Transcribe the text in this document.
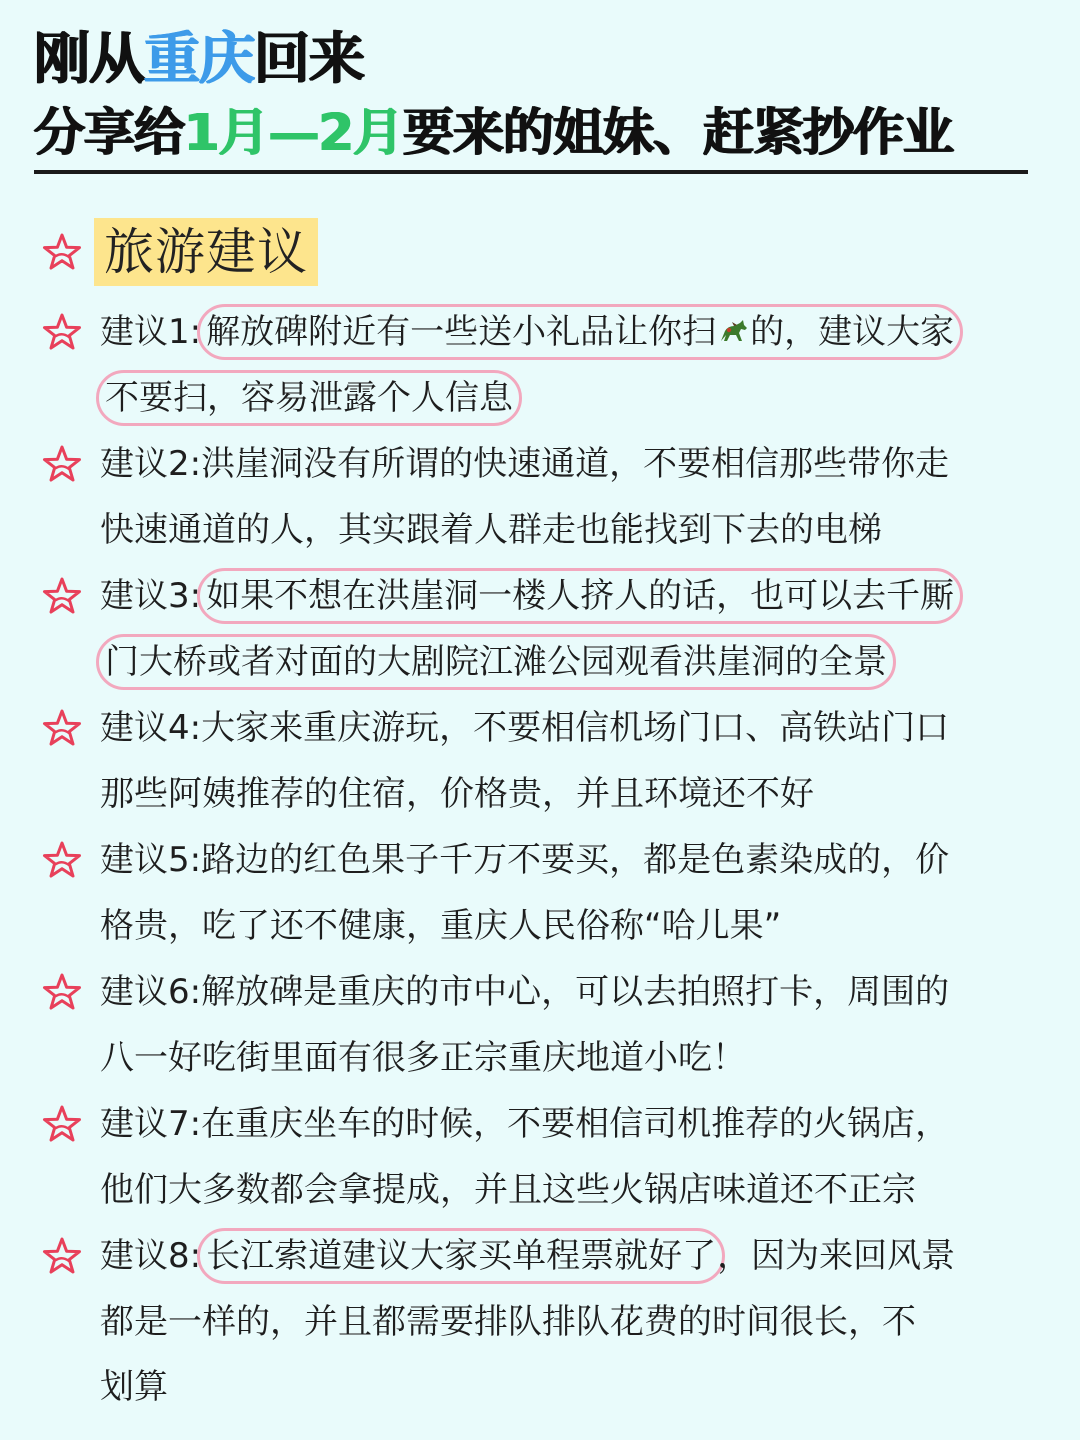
刚从重庆回来
分享给1月—2月要来的姐妹、赶紧抄作业
旅游建议
建议1: 解放碑附近有一些送小礼品让你扫 的，建议大家
不要扫，容易泄露个人信息
建议2:洪崖洞没有所谓的快速通道，不要相信那些带你走
快速通道的人，其实跟着人群走也能找到下去的电梯
建议3: 如果不想在洪崖洞一楼人挤人的话，也可以去千厮
门大桥或者对面的大剧院江滩公园观看洪崖洞的全景
建议4:大家来重庆游玩，不要相信机场门口、高铁站门口
那些阿姨推荐的住宿，价格贵，并且环境还不好
建议5:路边的红色果子千万不要买，都是色素染成的，价
格贵，吃了还不健康，重庆人民俗称“哈儿果”
建议6:解放碑是重庆的市中心，可以去拍照打卡，周围的
八一好吃街里面有很多正宗重庆地道小吃！
建议7:在重庆坐车的时候，不要相信司机推荐的火锅店，
他们大多数都会拿提成，并且这些火锅店味道还不正宗
建议8: 长江索道建议大家买单程票就好了，因为来回风景
都是一样的，并且都需要排队排队花费的时间很长，不
划算
